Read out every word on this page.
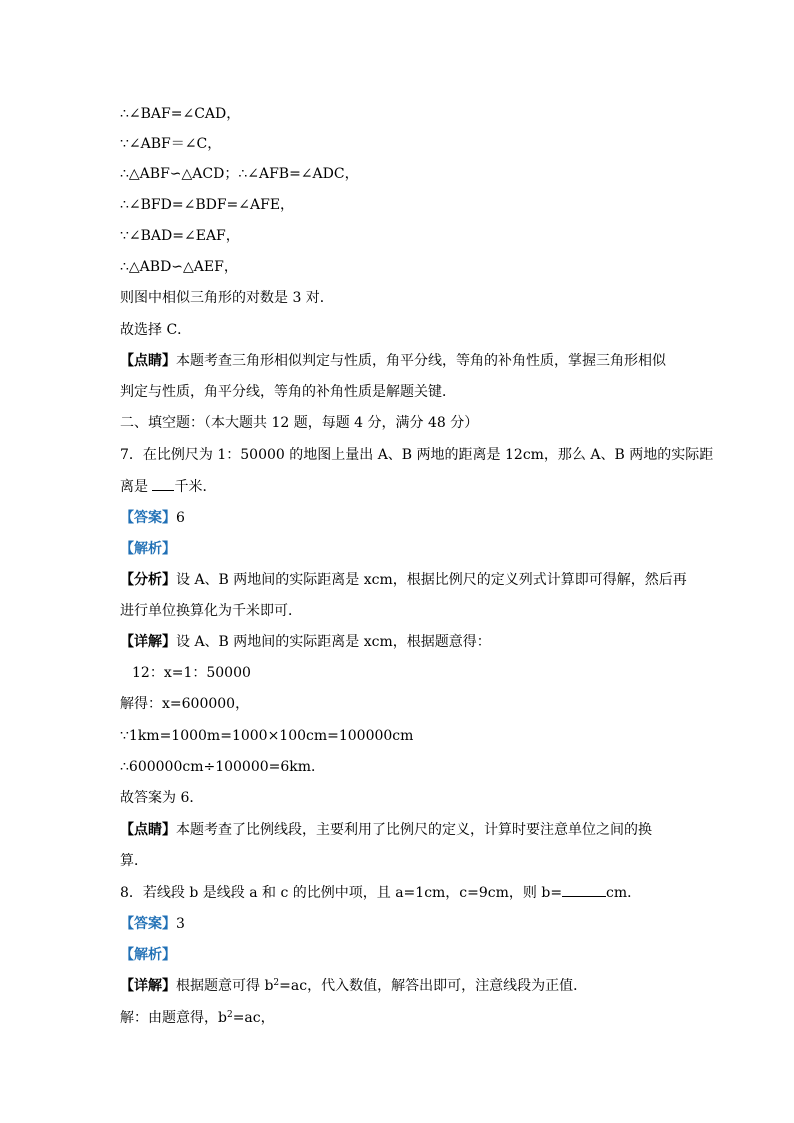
∴∠BAF=∠CAD，
∵∠ABF＝∠C，
∴△ABF∽△ACD；∴∠AFB=∠ADC，
∴∠BFD=∠BDF=∠AFE，
∵∠BAD=∠EAF，
∴△ABD∽△AEF，
则图中相似三角形的对数是 3 对．
故选择 C．
【点睛】本题考查三角形相似判定与性质，角平分线，等角的补角性质，掌握三角形相似
判定与性质，角平分线，等角的补角性质是解题关键．
二、填空题：（本大题共 12 题，每题 4 分，满分 48 分）
7．在比例尺为 1：50000 的地图上量出 A、B 两地的距离是 12cm，那么 A、B 两地的实际距
离是 千米．
【答案】6
【解析】
【分析】设 A、B 两地间的实际距离是 xcm，根据比例尺的定义列式计算即可得解，然后再
进行单位换算化为千米即可．
【详解】设 A、B 两地间的实际距离是 xcm，根据题意得：
12：x=1：50000
解得：x=600000，
∵1km=1000m=1000×100cm=100000cm
∴600000cm÷100000=6km．
故答案为 6．
【点睛】本题考查了比例线段，主要利用了比例尺的定义，计算时要注意单位之间的换
算．
8．若线段 b 是线段 a 和 c 的比例中项，且 a=1cm，c=9cm，则 b=	cm．
【答案】3
【解析】
【详解】根据题意可得 $b^2=ac$，代入数值，解答出即可，注意线段为正值．
解：由题意得，$b^2=ac$，
